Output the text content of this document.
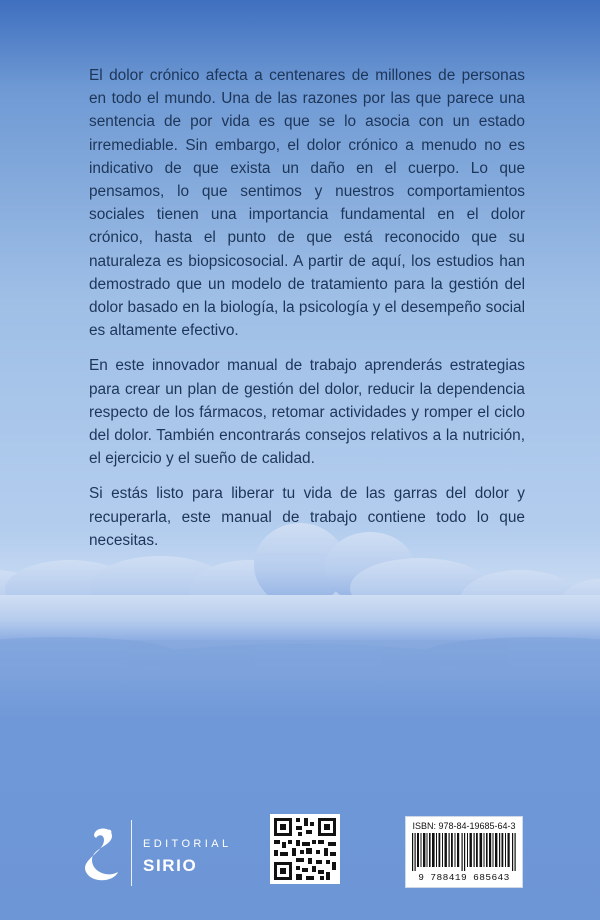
El dolor crónico afecta a centenares de millones de personas en todo el mundo. Una de las razones por las que parece una sentencia de por vida es que se lo asocia con un estado irremediable. Sin embargo, el dolor crónico a menudo no es indicativo de que exista un daño en el cuerpo. Lo que pensamos, lo que sentimos y nuestros comportamientos sociales tienen una importancia fundamental en el dolor crónico, hasta el punto de que está reconocido que su naturaleza es biopsicosocial. A partir de aquí, los estudios han demostrado que un modelo de tratamiento para la gestión del dolor basado en la biología, la psicología y el desempeño social es altamente efectivo.

En este innovador manual de trabajo aprenderás estrategias para crear un plan de gestión del dolor, reducir la dependencia respecto de los fármacos, retomar actividades y romper el ciclo del dolor. También encontrarás consejos relativos a la nutrición, el ejercicio y el sueño de calidad.

Si estás listo para liberar tu vida de las garras del dolor y recuperarla, este manual de trabajo contiene todo lo que necesitas.

EDITORIAL
SIRIO
ISBN: 978-84-19685-64-3
9 788419 685643
